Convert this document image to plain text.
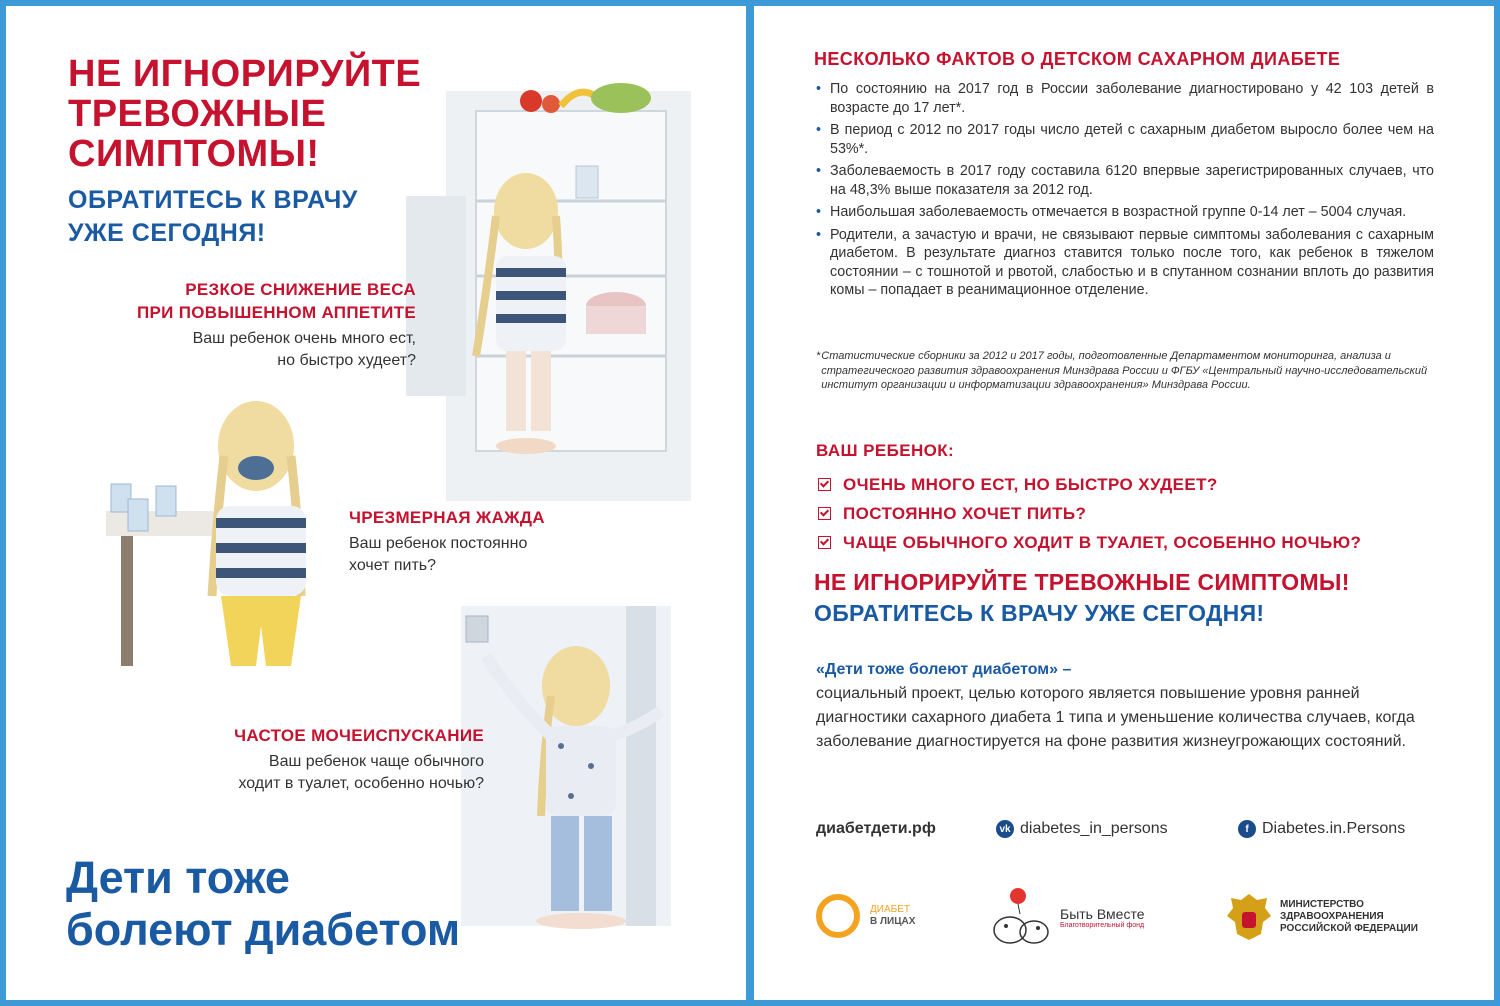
НЕ ИГНОРИРУЙТЕ
ТРЕВОЖНЫЕ
СИМПТОМЫ!
ОБРАТИТЕСЬ К ВРАЧУ
УЖЕ СЕГОДНЯ!
РЕЗКОЕ СНИЖЕНИЕ ВЕСА
ПРИ ПОВЫШЕННОМ АППЕТИТЕ
Ваш ребенок очень много ест,
но быстро худеет?
ЧРЕЗМЕРНАЯ ЖАЖДА
Ваш ребенок постоянно
хочет пить?
ЧАСТОЕ МОЧЕИСПУСКАНИЕ
Ваш ребенок чаще обычного
ходит в туалет, особенно ночью?
Дети тоже
болеют диабетом
НЕСКОЛЬКО ФАКТОВ О ДЕТСКОМ САХАРНОМ ДИАБЕТЕ
• По состоянию на 2017 год в России заболевание диагностировано у 42 103 детей в возрасте до 17 лет*.
• В период с 2012 по 2017 годы число детей с сахарным диабетом выросло более чем на 53%*.
• Заболеваемость в 2017 году составила 6120 впервые зарегистрированных случаев, что на 48,3% выше показателя за 2012 год.
• Наибольшая заболеваемость отмечается в возрастной группе 0-14 лет – 5004 случая.
• Родители, а зачастую и врачи, не связывают первые симптомы заболевания с сахарным диабетом. В результате диагноз ставится только после того, как ребенок в тяжелом состоянии – с тошнотой и рвотой, слабостью и в спутанном сознании вплоть до развития комы – попадает в реанимационное отделение.
* Статистические сборники за 2012 и 2017 годы, подготовленные Департаментом мониторинга, анализа и стратегического развития здравоохранения Минздрава России и ФГБУ «Центральный научно-исследовательский институт организации и информатизации здравоохранения» Минздрава России.
ВАШ РЕБЕНОК:
ОЧЕНЬ МНОГО ЕСТ, НО БЫСТРО ХУДЕЕТ?
ПОСТОЯННО ХОЧЕТ ПИТЬ?
ЧАЩЕ ОБЫЧНОГО ХОДИТ В ТУАЛЕТ, ОСОБЕННО НОЧЬЮ?
НЕ ИГНОРИРУЙТЕ ТРЕВОЖНЫЕ СИМПТОМЫ!
ОБРАТИТЕСЬ К ВРАЧУ УЖЕ СЕГОДНЯ!
«Дети тоже болеют диабетом» –
социальный проект, целью которого является повышение уровня ранней диагностики сахарного диабета 1 типа и уменьшение количества случаев, когда заболевание диагностируется на фоне развития жизнеугрожающих состояний.
диабетдети.рф	vk diabetes_in_persons	f Diabetes.in.Persons
ДИАБЕТ
В ЛИЦАХ	Быть Вместе
Благотворительный фонд
МИНИСТЕРСТВО
ЗДРАВООХРАНЕНИЯ
РОССИЙСКОЙ ФЕДЕРАЦИИ
